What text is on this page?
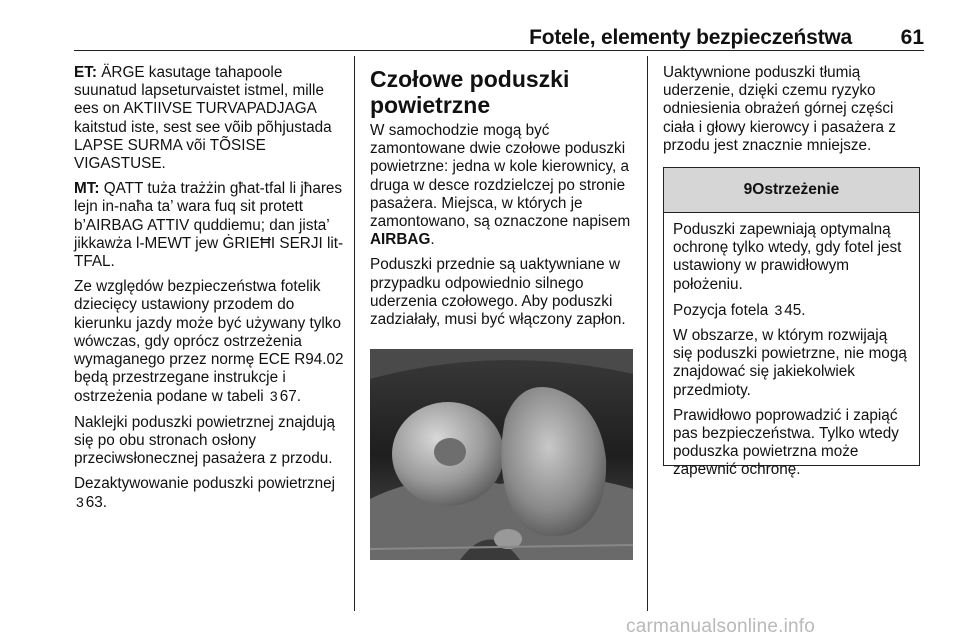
Fotele, elementy bezpieczeństwa 61

ET: ÄRGE kasutage tahapoole suunatud lapseturvaistet istmel, mille ees on AKTIIVSE TURVAPADJAGA kaitstud iste, sest see võib põhjustada LAPSE SURMA või TÕSISE VIGASTUSE.

MT: QATT tuża trażżin għat-tfal li jħares lejn in-naħa ta’ wara fuq sit protett b’AIRBAG ATTIV quddiemu; dan jista’ jikkawża l-MEWT jew ĠRIEĦI SERJI lit-TFAL.

Ze względów bezpieczeństwa fotelik dziecięcy ustawiony przodem do kierunku jazdy może być używany tylko wówczas, gdy oprócz ostrzeżenia wymaganego przez normę ECE R94.02 będą przestrzegane instrukcje i ostrzeżenia podane w tabeli 3 67.

Naklejki poduszki powietrznej znajdują się po obu stronach osłony przeciwsłonecznej pasażera z przodu.

Dezaktywowanie poduszki powietrznej 3 63.

Czołowe poduszki powietrzne

W samochodzie mogą być zamontowane dwie czołowe poduszki powietrzne: jedna w kole kierownicy, a druga w desce rozdzielczej po stronie pasażera. Miejsca, w których je zamontowano, są oznaczone napisem AIRBAG.

Poduszki przednie są uaktywniane w przypadku odpowiednio silnego uderzenia czołowego. Aby poduszki zadziałały, musi być włączony zapłon.

Uaktywnione poduszki tłumią uderzenie, dzięki czemu ryzyko odniesienia obrażeń górnej części ciała i głowy kierowcy i pasażera z przodu jest znacznie mniejsze.

9Ostrzeżenie

Poduszki zapewniają optymalną ochronę tylko wtedy, gdy fotel jest ustawiony w prawidłowym położeniu.

Pozycja fotela 3 45.

W obszarze, w którym rozwijają się poduszki powietrzne, nie mogą znajdować się jakiekolwiek przedmioty.

Prawidłowo poprowadzić i zapiąć pas bezpieczeństwa. Tylko wtedy poduszka powietrzna może zapewnić ochronę.

carmanualsonline.info
